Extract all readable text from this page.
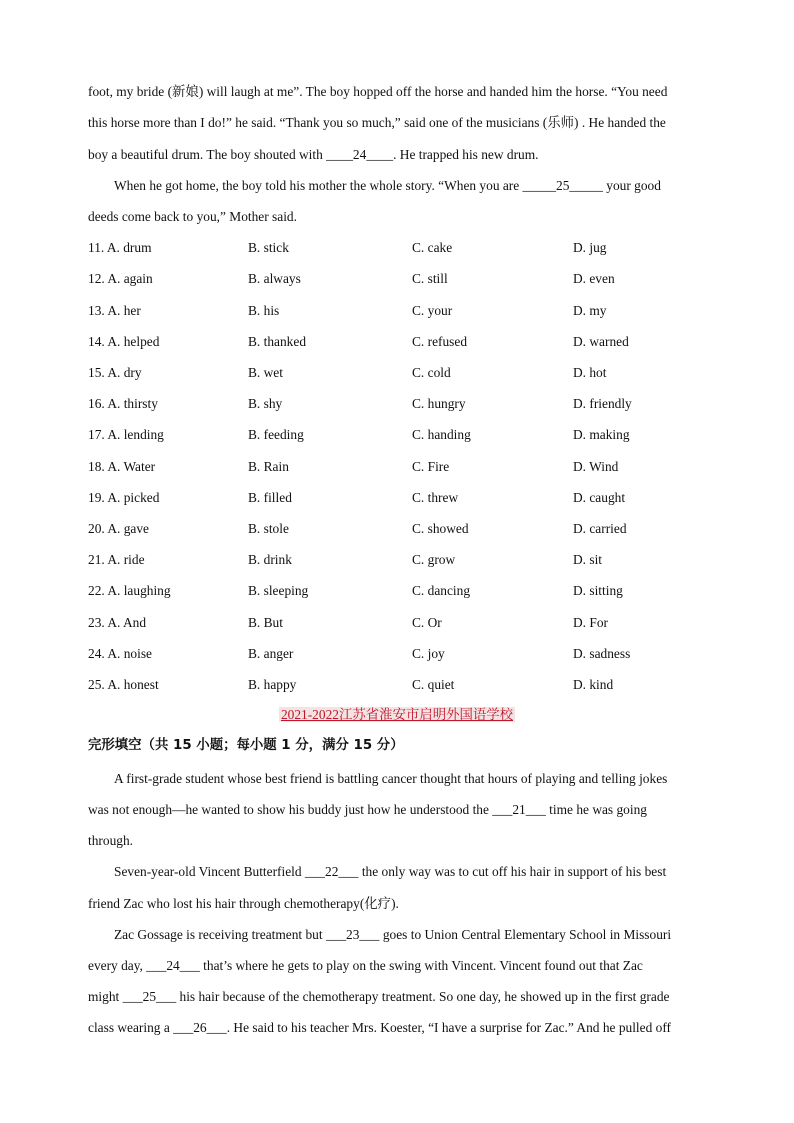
foot, my bride (新娘) will laugh at me”. The boy hopped off the horse and handed him the horse. “You need
this horse more than I do!” he said. “Thank you so much,” said one of the musicians (乐师) . He handed the
boy a beautiful drum. The boy shouted with ____24____. He trapped his new drum.
When he got home, the boy told his mother the whole story. “When you are _____25_____ your good
deeds come back to you,” Mother said.
11. A. drum	B. stick	C. cake	D. jug
12. A. again	B. always	C. still	D. even
13. A. her	B. his	C. your	D. my
14. A. helped	B. thanked	C. refused	D. warned
15. A. dry	B. wet	C. cold	D. hot
16. A. thirsty	B. shy	C. hungry	D. friendly
17. A. lending	B. feeding	C. handing	D. making
18. A. Water	B. Rain	C. Fire	D. Wind
19. A. picked	B. filled	C. threw	D. caught
20. A. gave	B. stole	C. showed	D. carried
21. A. ride	B. drink	C. grow	D. sit
22. A. laughing	B. sleeping	C. dancing	D. sitting
23. A. And	B. But	C. Or	D. For
24. A. noise	B. anger	C. joy	D. sadness
25. A. honest	B. happy	C. quiet	D. kind
2021-2022江苏省淮安市启明外国语学校
完形填空（共 15 小题；每小题 1 分，满分 15 分）
A first-grade student whose best friend is battling cancer thought that hours of playing and telling jokes
was not enough—he wanted to show his buddy just how he understood the ___21___ time he was going
through.
Seven-year-old Vincent Butterfield ___22___ the only way was to cut off his hair in support of his best
friend Zac who lost his hair through chemotherapy(化疗).
Zac Gossage is receiving treatment but ___23___ goes to Union Central Elementary School in Missouri
every day, ___24___ that’s where he gets to play on the swing with Vincent. Vincent found out that Zac
might ___25___ his hair because of the chemotherapy treatment. So one day, he showed up in the first grade
class wearing a ___26___. He said to his teacher Mrs. Koester, “I have a surprise for Zac.” And he pulled off
